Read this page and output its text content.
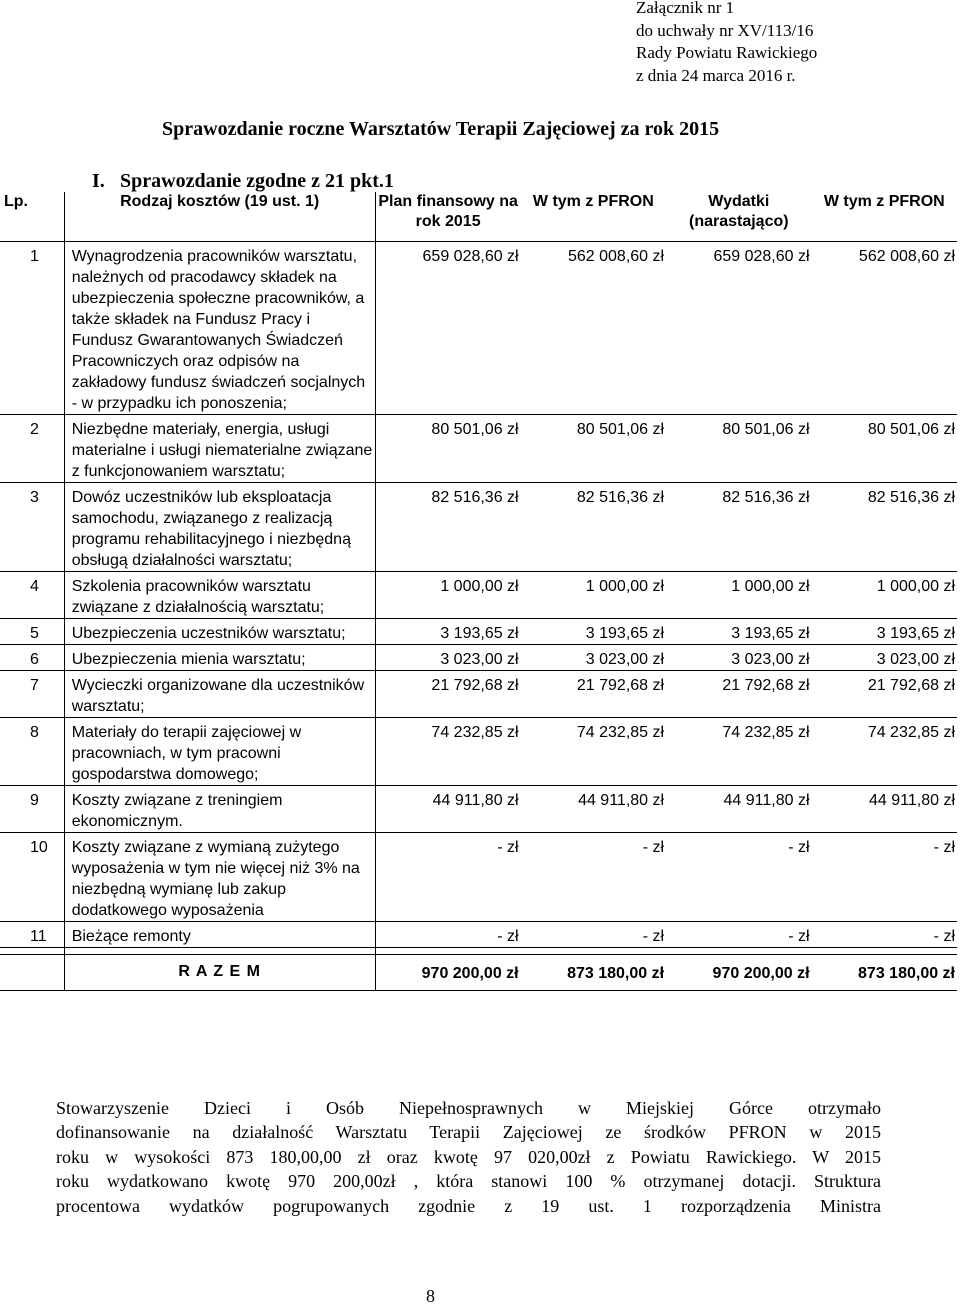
Załącznik nr 1
do uchwały nr XV/113/16
Rady Powiatu Rawickiego
z dnia 24 marca 2016 r.
Sprawozdanie roczne Warsztatów Terapii Zajęciowej za rok 2015
I. Sprawozdanie zgodne z 21 pkt.1
Lp.	Rodzaj kosztów (19 ust. 1)	Plan finansowy na rok 2015	W tym z PFRON	Wydatki (narastająco)	W tym z PFRON
1	Wynagrodzenia pracowników warsztatu, należnych od pracodawcy składek na ubezpieczenia społeczne pracowników, a także składek na Fundusz Pracy i Fundusz Gwarantowanych Świadczeń Pracowniczych oraz odpisów na zakładowy fundusz świadczeń socjalnych - w przypadku ich ponoszenia;	659 028,60 zł	562 008,60 zł	659 028,60 zł	562 008,60 zł
2	Niezbędne materiały, energia, usługi materialne i usługi niematerialne związane z funkcjonowaniem warsztatu;	80 501,06 zł	80 501,06 zł	80 501,06 zł	80 501,06 zł
3	Dowóz uczestników lub eksploatacja samochodu, związanego z realizacją programu rehabilitacyjnego i niezbędną obsługą działalności warsztatu;	82 516,36 zł	82 516,36 zł	82 516,36 zł	82 516,36 zł
4	Szkolenia pracowników warsztatu związane z działalnością warsztatu;	1 000,00 zł	1 000,00 zł	1 000,00 zł	1 000,00 zł
5	Ubezpieczenia uczestników warsztatu;	3 193,65 zł	3 193,65 zł	3 193,65 zł	3 193,65 zł
6	Ubezpieczenia mienia warsztatu;	3 023,00 zł	3 023,00 zł	3 023,00 zł	3 023,00 zł
7	Wycieczki organizowane dla uczestników warsztatu;	21 792,68 zł	21 792,68 zł	21 792,68 zł	21 792,68 zł
8	Materiały do terapii zajęciowej w pracowniach, w tym pracowni gospodarstwa domowego;	74 232,85 zł	74 232,85 zł	74 232,85 zł	74 232,85 zł
9	Koszty związane z treningiem ekonomicznym.	44 911,80 zł	44 911,80 zł	44 911,80 zł	44 911,80 zł
10	Koszty związane z wymianą zużytego wyposażenia w tym nie więcej niż 3% na niezbędną wymianę lub zakup dodatkowego wyposażenia	- zł	- zł	- zł	- zł
11	Bieżące remonty	- zł	- zł	- zł	- zł

	R A Z E M	970 200,00 zł	873 180,00 zł	970 200,00 zł	873 180,00 zł
Stowarzyszenie Dzieci i Osób Niepełnosprawnych w Miejskiej Górce otrzymało
dofinansowanie na działalność Warsztatu Terapii Zajęciowej ze środków PFRON w 2015
roku w wysokości 873 180,00,00 zł oraz kwotę 97 020,00zł z Powiatu Rawickiego. W 2015
roku wydatkowano kwotę 970 200,00zł , która stanowi 100 % otrzymanej dotacji. Struktura
procentowa wydatków pogrupowanych zgodnie z 19 ust. 1 rozporządzenia Ministra
8
